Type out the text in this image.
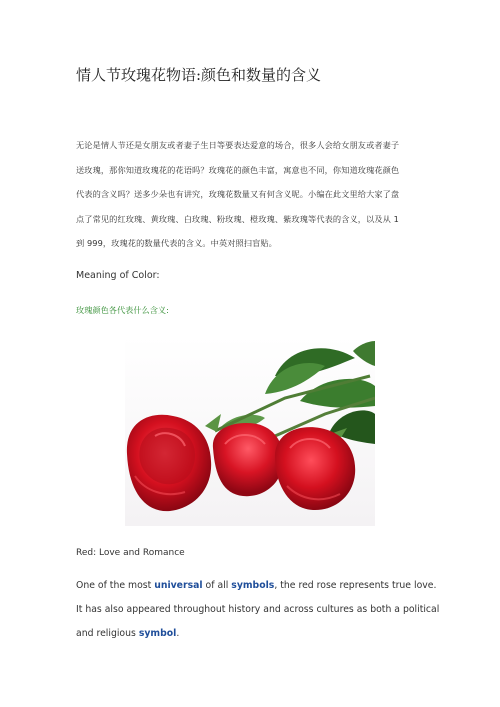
情人节玫瑰花物语:颜色和数量的含义
无论是情人节还是女朋友或者妻子生日等要表达爱意的场合，很多人会给女朋友或者妻子
送玫瑰，那你知道玫瑰花的花语吗？玫瑰花的颜色丰富，寓意也不同，你知道玫瑰花颜色
代表的含义吗？送多少朵也有讲究，玫瑰花数量又有何含义呢。小编在此文里给大家了盘
点了常见的红玫瑰、黄玫瑰、白玫瑰、粉玫瑰、橙玫瑰、紫玫瑰等代表的含义，以及从 1
到 999，玫瑰花的数量代表的含义。中英对照扫盲贴。
Meaning of Color:
玫瑰颜色各代表什么含义:
Red: Love and Romance
One of the most universal of all symbols, the red rose represents true love.
It has also appeared throughout history and across cultures as both a political
and religious symbol.
